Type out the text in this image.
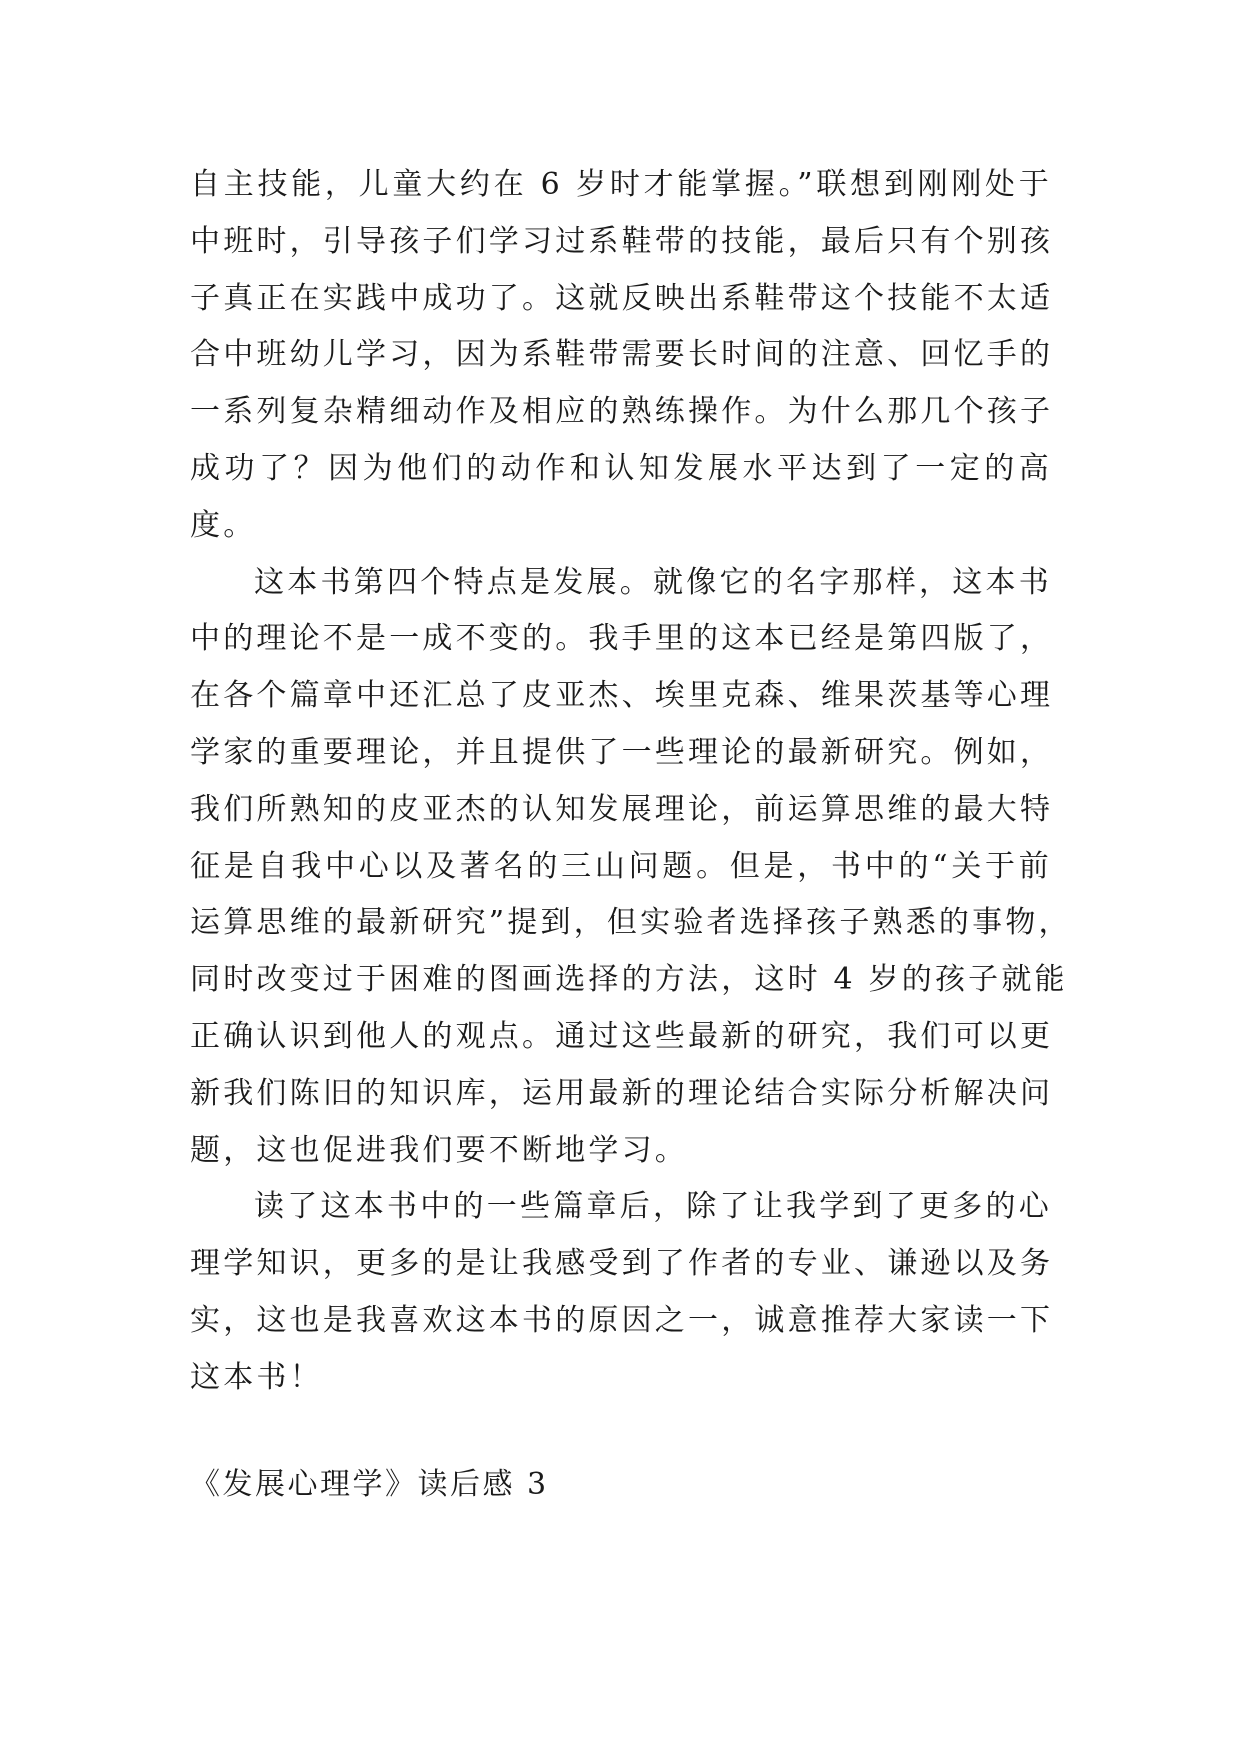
自主技能，儿童大约在 6 岁时才能掌握。”联想到刚刚处于
中班时，引导孩子们学习过系鞋带的技能，最后只有个别孩
子真正在实践中成功了。这就反映出系鞋带这个技能不太适
合中班幼儿学习，因为系鞋带需要长时间的注意、回忆手的
一系列复杂精细动作及相应的熟练操作。为什么那几个孩子
成功了？因为他们的动作和认知发展水平达到了一定的高
度。
这本书第四个特点是发展。就像它的名字那样，这本书
中的理论不是一成不变的。我手里的这本已经是第四版了，
在各个篇章中还汇总了皮亚杰、埃里克森、维果茨基等心理
学家的重要理论，并且提供了一些理论的最新研究。例如，
我们所熟知的皮亚杰的认知发展理论，前运算思维的最大特
征是自我中心以及著名的三山问题。但是，书中的“关于前
运算思维的最新研究”提到，但实验者选择孩子熟悉的事物，
同时改变过于困难的图画选择的方法，这时 4 岁的孩子就能
正确认识到他人的观点。通过这些最新的研究，我们可以更
新我们陈旧的知识库，运用最新的理论结合实际分析解决问
题，这也促进我们要不断地学习。
读了这本书中的一些篇章后，除了让我学到了更多的心
理学知识，更多的是让我感受到了作者的专业、谦逊以及务
实，这也是我喜欢这本书的原因之一，诚意推荐大家读一下
这本书！
《发展心理学》读后感 3
